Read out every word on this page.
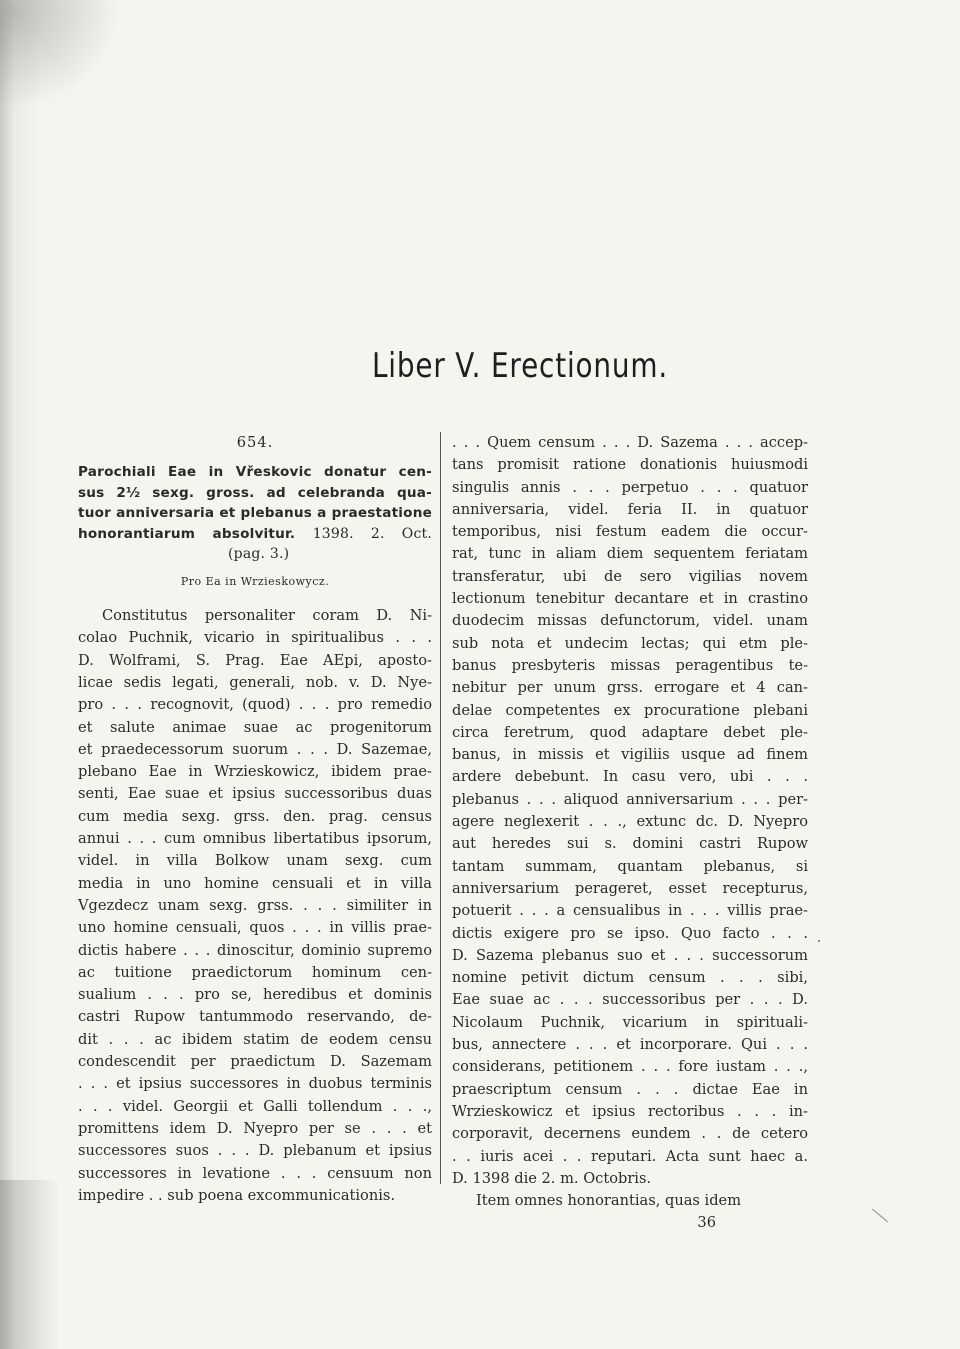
Liber V. Erectionum.
654.
Parochiali Eae in Vřeskovic donatur cen-
sus 2½ sexg. gross. ad celebranda qua-
tuor anniversaria et plebanus a praestatione
honorantiarum absolvitur. 1398. 2. Oct.
(pag. 3.)
Pro Ea in Wrzieskowycz.
Constitutus personaliter coram D. Ni-
colao Puchnik, vicario in spiritualibus . . .
D. Wolframi, S. Prag. Eae AEpi, aposto-
licae sedis legati, generali, nob. v. D. Nye-
pro . . . recognovit, (quod) . . . pro remedio
et salute animae suae ac progenitorum
et praedecessorum suorum . . . D. Sazemae,
plebano Eae in Wrzieskowicz, ibidem prae-
senti, Eae suae et ipsius successoribus duas
cum media sexg. grss. den. prag. census
annui . . . cum omnibus libertatibus ipsorum,
videl. in villa Bolkow unam sexg. cum
media in uno homine censuali et in villa
Vgezdecz unam sexg. grss. . . . similiter in
uno homine censuali, quos . . . in villis prae-
dictis habere . . . dinoscitur, dominio supremo
ac tuitione praedictorum hominum cen-
sualium . . . pro se, heredibus et dominis
castri Rupow tantummodo reservando, de-
dit . . . ac ibidem statim de eodem censu
condescendit per praedictum D. Sazemam
. . . et ipsius successores in duobus terminis
. . . videl. Georgii et Galli tollendum . . .,
promittens idem D. Nyepro per se . . . et
successores suos . . . D. plebanum et ipsius
successores in levatione . . . censuum non
impedire . . sub poena excommunicationis.
. . . Quem censum . . . D. Sazema . . . accep-
tans promisit ratione donationis huiusmodi
singulis annis . . . perpetuo . . . quatuor
anniversaria, videl. feria II. in quatuor
temporibus, nisi festum eadem die occur-
rat, tunc in aliam diem sequentem feriatam
transferatur, ubi de sero vigilias novem
lectionum tenebitur decantare et in crastino
duodecim missas defunctorum, videl. unam
sub nota et undecim lectas; qui etm ple-
banus presbyteris missas peragentibus te-
nebitur per unum grss. errogare et 4 can-
delae competentes ex procuratione plebani
circa feretrum, quod adaptare debet ple-
banus, in missis et vigiliis usque ad finem
ardere debebunt. In casu vero, ubi . . .
plebanus . . . aliquod anniversarium . . . per-
agere neglexerit . . ., extunc dc. D. Nyepro
aut heredes sui s. domini castri Rupow
tantam summam, quantam plebanus, si
anniversarium perageret, esset recepturus,
potuerit . . . a censualibus in . . . villis prae-
dictis exigere pro se ipso. Quo facto . . .
D. Sazema plebanus suo et . . . successorum
nomine petivit dictum censum . . . sibi,
Eae suae ac . . . successoribus per . . . D.
Nicolaum Puchnik, vicarium in spirituali-
bus, annectere . . . et incorporare. Qui . . .
considerans, petitionem . . . fore iustam . . .,
praescriptum censum . . . dictae Eae in
Wrzieskowicz et ipsius rectoribus . . . in-
corporavit, decernens eundem . . de cetero
. . iuris acei . . reputari. Acta sunt haec a.
D. 1398 die 2. m. Octobris.
Item omnes honorantias, quas idem
36
